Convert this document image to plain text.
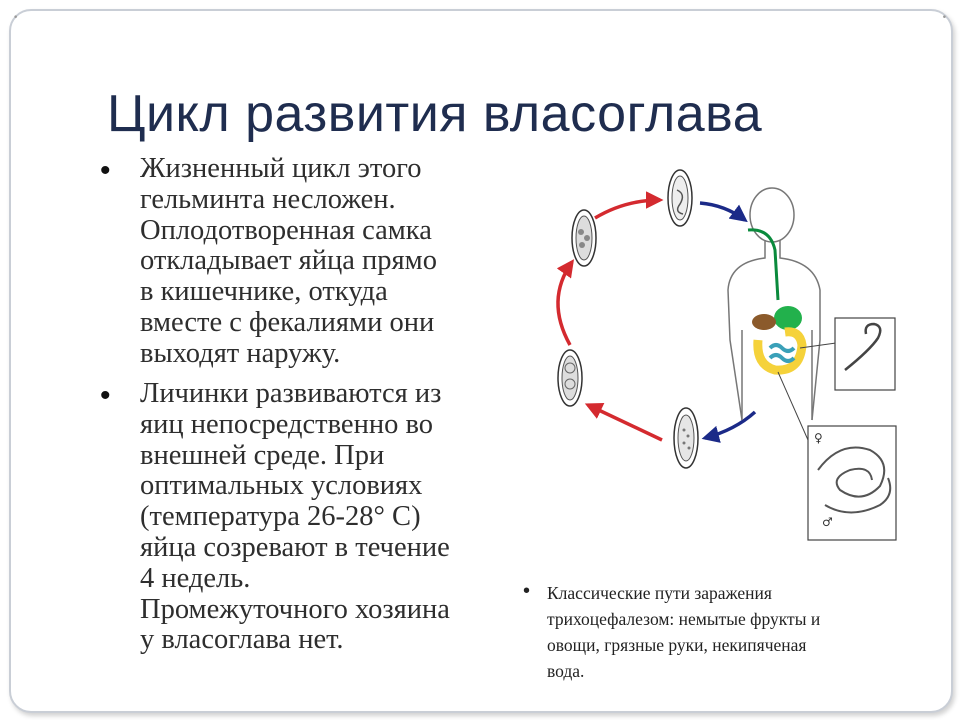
•	•
Цикл развития власоглава
• Жизненный цикл этого
гельминта несложен.
Оплодотворенная самка
откладывает яйца прямо
в кишечнике, откуда
вместе с фекалиями они
выходят наружу.
• Личинки развиваются из
яиц непосредственно во
внешней среде. При
оптимальных условиях
(температура 26-28° С)
яйца созревают в течение
4 недель.
Промежуточного хозяина
у власоглава нет.
• Классические пути заражения
трихоцефалезом: немытые фрукты и
овощи, грязные руки, некипяченая
вода.
♀
♂
